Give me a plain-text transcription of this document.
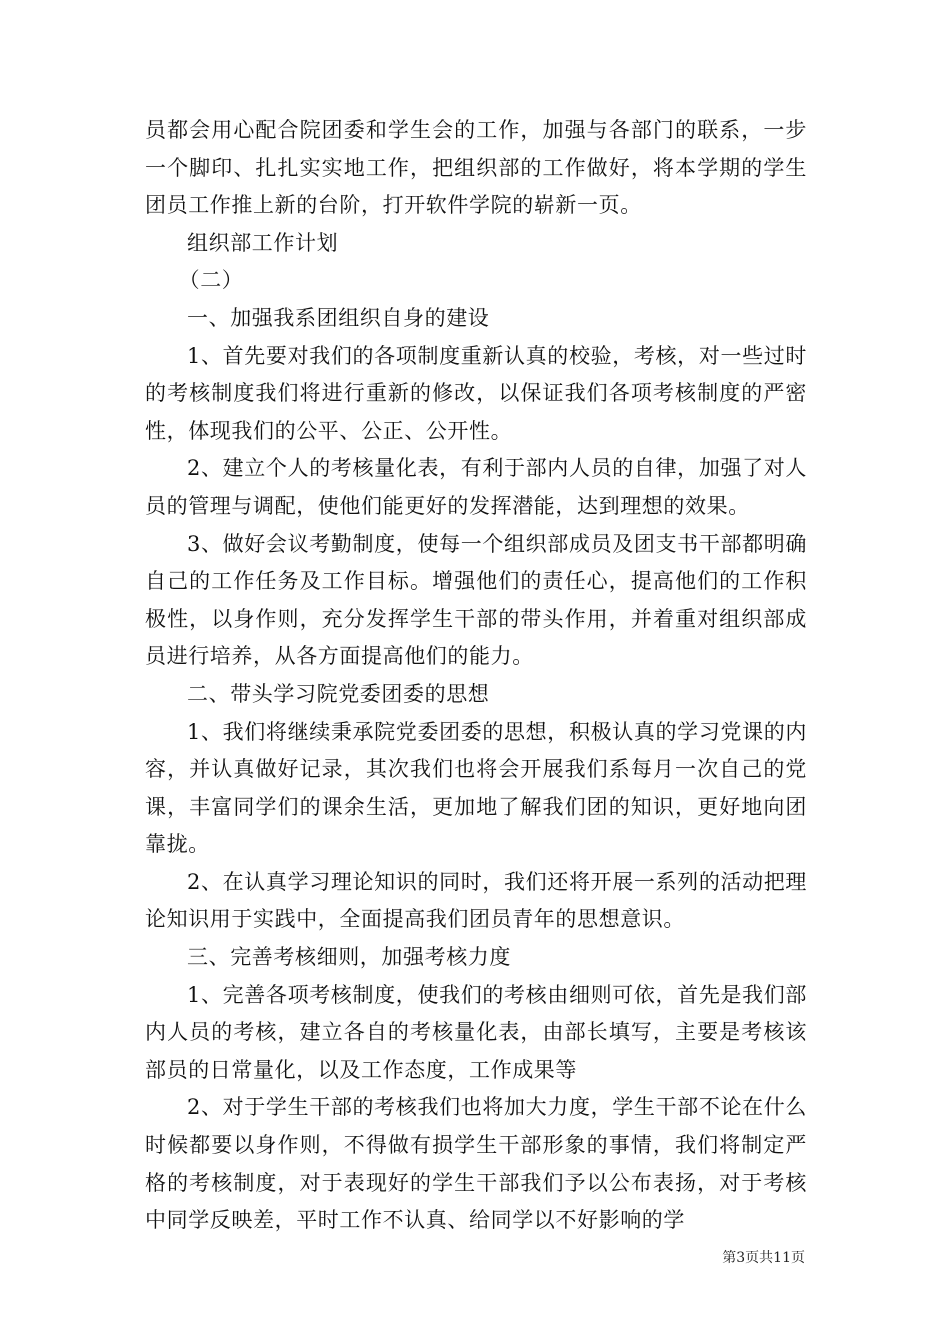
员都会用心配合院团委和学生会的工作，加强与各部门的联系，一步一个脚印、扎扎实实地工作，把组织部的工作做好，将本学期的学生团员工作推上新的台阶，打开软件学院的崭新一页。

组织部工作计划

（二）

一、加强我系团组织自身的建设

1、首先要对我们的各项制度重新认真的校验，考核，对一些过时的考核制度我们将进行重新的修改，以保证我们各项考核制度的严密性，体现我们的公平、公正、公开性。

2、建立个人的考核量化表，有利于部内人员的自律，加强了对人员的管理与调配，使他们能更好的发挥潜能，达到理想的效果。

3、做好会议考勤制度，使每一个组织部成员及团支书干部都明确自己的工作任务及工作目标。增强他们的责任心，提高他们的工作积极性，以身作则，充分发挥学生干部的带头作用，并着重对组织部成员进行培养，从各方面提高他们的能力。

二、带头学习院党委团委的思想

1、我们将继续秉承院党委团委的思想，积极认真的学习党课的内容，并认真做好记录，其次我们也将会开展我们系每月一次自己的党课，丰富同学们的课余生活，更加地了解我们团的知识，更好地向团靠拢。

2、在认真学习理论知识的同时，我们还将开展一系列的活动把理论知识用于实践中，全面提高我们团员青年的思想意识。

三、完善考核细则，加强考核力度

1、完善各项考核制度，使我们的考核由细则可依，首先是我们部内人员的考核，建立各自的考核量化表，由部长填写，主要是考核该部员的日常量化，以及工作态度，工作成果等

2、对于学生干部的考核我们也将加大力度，学生干部不论在什么时候都要以身作则，不得做有损学生干部形象的事情，我们将制定严格的考核制度，对于表现好的学生干部我们予以公布表扬，对于考核中同学反映差，平时工作不认真、给同学以不好影响的学

第3页共11页
